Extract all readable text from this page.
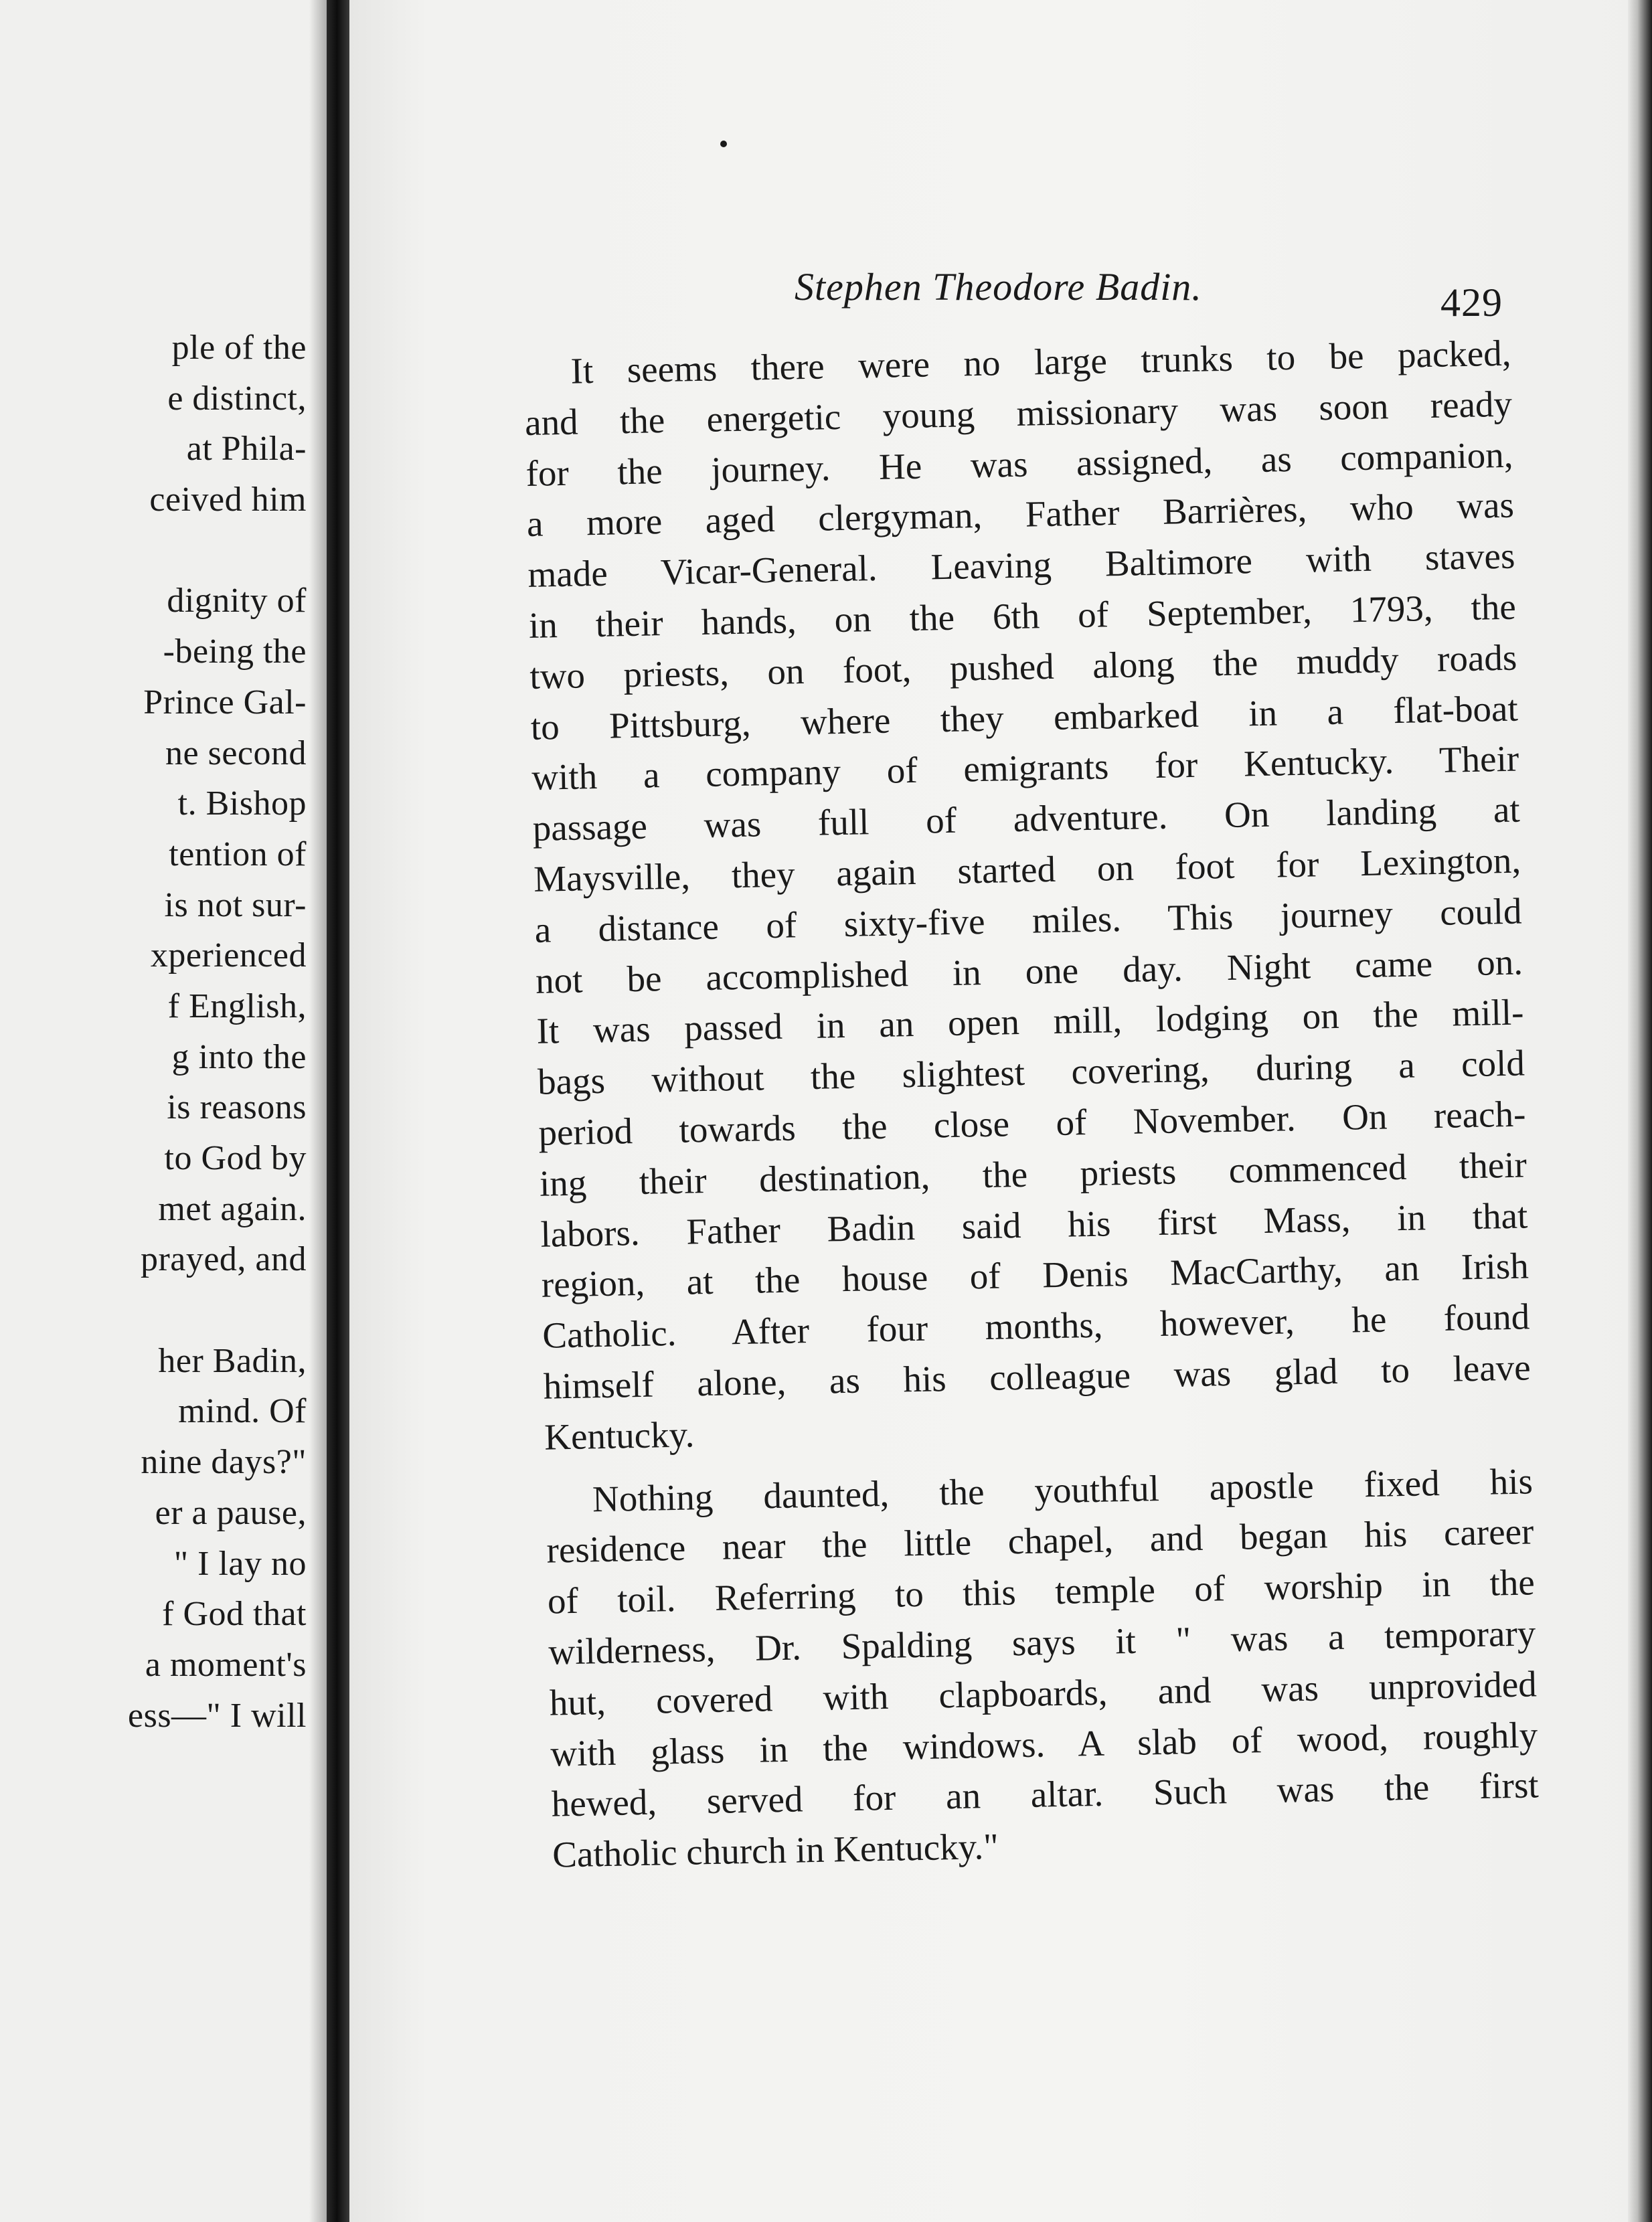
ple of the
e distinct,
at Phila-
ceived him
dignity of
-being the
Prince Gal-
ne second
t. Bishop
tention of
is not sur-
xperienced
f English,
g into the
is reasons
to God by
met again.
prayed, and
her Badin,
mind. Of
nine days?"
er a pause,
" I lay no
f God that
a moment's
ess—" I will
Stephen Theodore Badin.	429
It seems there were no large trunks to be packed,
and the energetic young missionary was soon ready
for the journey. He was assigned, as companion,
a more aged clergyman, Father Barrières, who was
made Vicar-General. Leaving Baltimore with staves
in their hands, on the 6th of September, 1793, the
two priests, on foot, pushed along the muddy roads
to Pittsburg, where they embarked in a flat-boat
with a company of emigrants for Kentucky. Their
passage was full of adventure. On landing at
Maysville, they again started on foot for Lexington,
a distance of sixty-five miles. This journey could
not be accomplished in one day. Night came on.
It was passed in an open mill, lodging on the mill-
bags without the slightest covering, during a cold
period towards the close of November. On reach-
ing their destination, the priests commenced their
labors. Father Badin said his first Mass, in that
region, at the house of Denis MacCarthy, an Irish
Catholic. After four months, however, he found
himself alone, as his colleague was glad to leave
Kentucky.
Nothing daunted, the youthful apostle fixed his
residence near the little chapel, and began his career
of toil. Referring to this temple of worship in the
wilderness, Dr. Spalding says it " was a temporary
hut, covered with clapboards, and was unprovided
with glass in the windows. A slab of wood, roughly
hewed, served for an altar. Such was the first
Catholic church in Kentucky."
